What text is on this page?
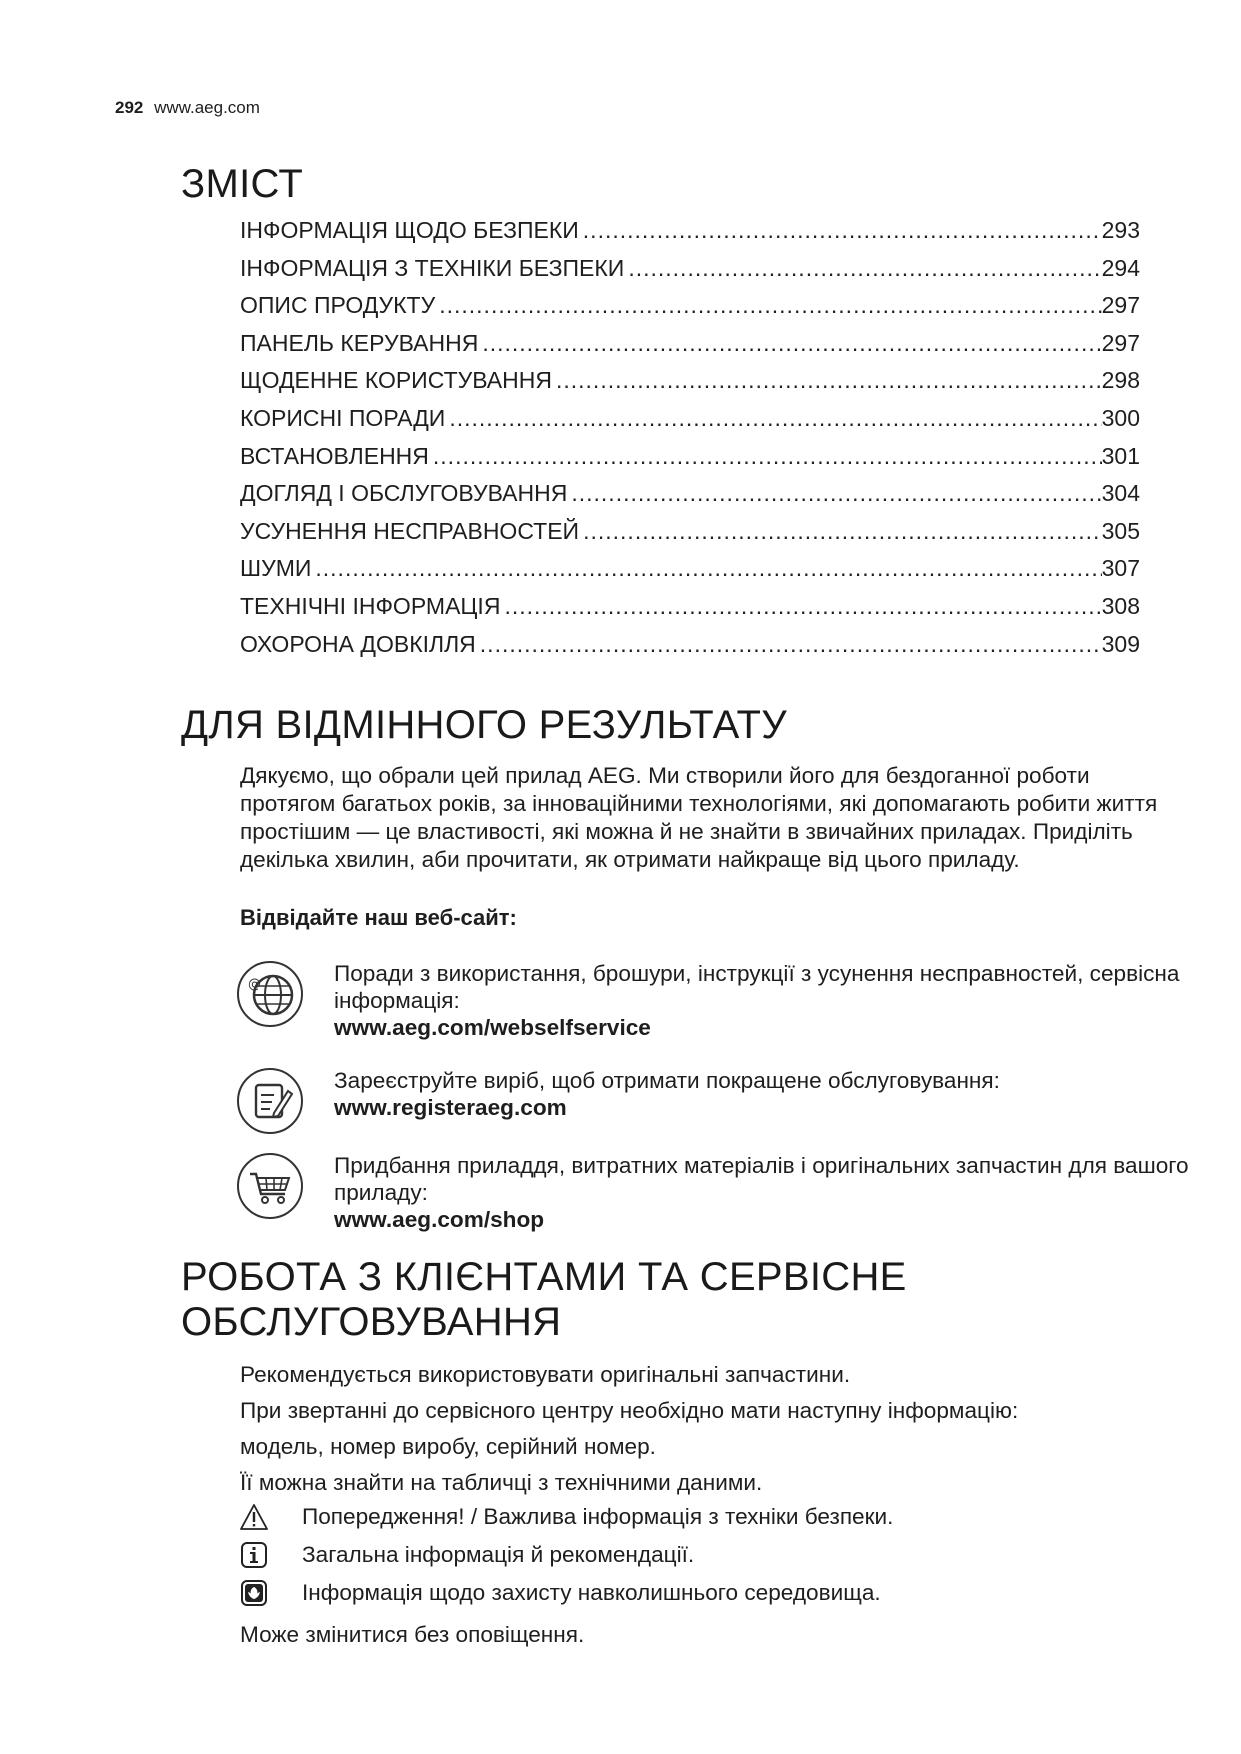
292 www.aeg.com
ЗМІСТ
ІНФОРМАЦІЯ ЩОДО БЕЗПЕКИ .....	293
ІНФОРМАЦІЯ З ТЕХНІКИ БЕЗПЕКИ .....	294
ОПИС ПРОДУКТУ .....	297
ПАНЕЛЬ КЕРУВАННЯ .....	297
ЩОДЕННЕ КОРИСТУВАННЯ .....	298
КОРИСНІ ПОРАДИ .....	300
ВСТАНОВЛЕННЯ .....	301
ДОГЛЯД І ОБСЛУГОВУВАННЯ .....	304
УСУНЕННЯ НЕСПРАВНОСТЕЙ .....	305
ШУМИ .....	307
ТЕХНІЧНІ ІНФОРМАЦІЯ .....	308
ОХОРОНА ДОВКІЛЛЯ .....	309
ДЛЯ ВІДМІННОГО РЕЗУЛЬТАТУ
Дякуємо, що обрали цей прилад AEG. Ми створили його для бездоганної роботи протягом багатьох років, за інноваційними технологіями, які допомагають робити життя простішим — це властивості, які можна й не знайти в звичайних приладах. Приділіть декілька хвилин, аби прочитати, як отримати найкраще від цього приладу.
Відвідайте наш веб-сайт:
@	Поради з використання, брошури, інструкції з усунення несправностей, сервісна інформація:
www.aeg.com/webselfservice
Зареєструйте виріб, щоб отримати покращене обслуговування:
www.registeraeg.com
Придбання приладдя, витратних матеріалів і оригінальних запчастин для вашого приладу:
www.aeg.com/shop
РОБОТА З КЛІЄНТАМИ ТА СЕРВІСНЕ
ОБСЛУГОВУВАННЯ
Рекомендується використовувати оригінальні запчастини.
При звертанні до сервісного центру необхідно мати наступну інформацію:
модель, номер виробу, серійний номер.
Її можна знайти на табличці з технічними даними.
Попередження! / Важлива інформація з техніки безпеки.
Загальна інформація й рекомендації.
Інформація щодо захисту навколишнього середовища.
Може змінитися без оповіщення.
